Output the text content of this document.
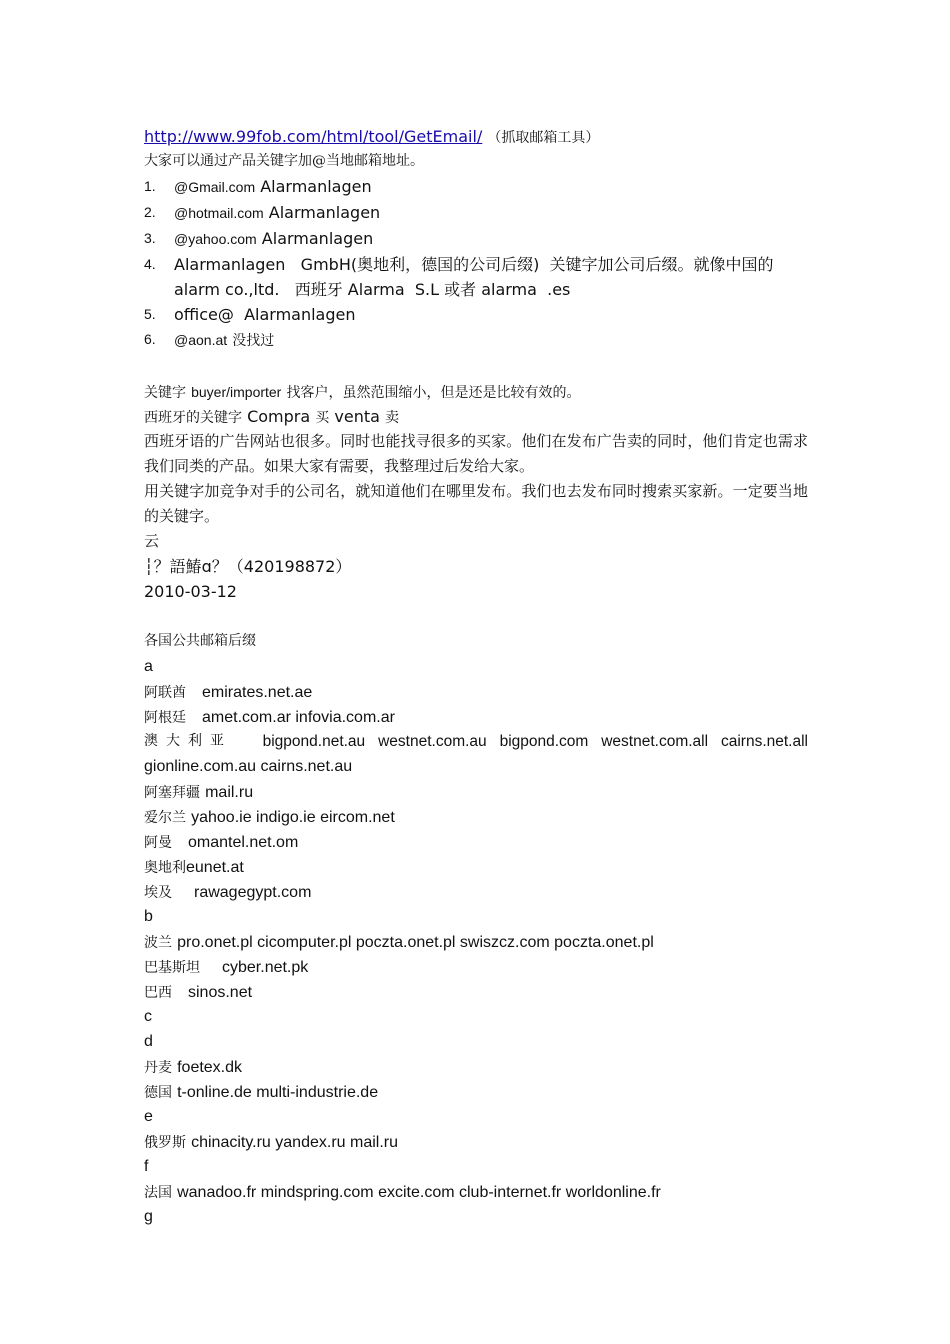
http://www.99fob.com/html/tool/GetEmail/ （抓取邮箱工具）
大家可以通过产品关键字加@当地邮箱地址。
1. @Gmail.com Alarmanlagen
2. @hotmail.com Alarmanlagen
3. @yahoo.com Alarmanlagen
4. Alarmanlagen   GmbH(奥地利，德国的公司后缀)  关键字加公司后缀。就像中国的
alarm co.,ltd.   西班牙 Alarma  S.L 或者 alarma  .es
5. office@  Alarmanlagen
6. @aon.at 没找过
关键字 buyer/importer 找客户，虽然范围缩小，但是还是比较有效的。
西班牙的关键字 Compra 买 venta 卖
西班牙语的广告网站也很多。同时也能找寻很多的买家。他们在发布广告卖的同时，他们肯定也需求我们同类的产品。如果大家有需要，我整理过后发给大家。
用关键字加竞争对手的公司名，就知道他们在哪里发布。我们也去发布同时搜索买家新。一定要当地的关键字。
云
┆？語鰆ɑ？（420198872）
2010-03-12
各国公共邮箱后缀
a
阿联酋 emirates.net.ae
阿根廷 amet.com.ar infovia.com.ar
澳大利亚 bigpond.net.au   westnet.com.au   bigpond.com   westnet.com.all   cairns.net.all
gionline.com.au cairns.net.au
阿塞拜疆 mail.ru
爱尔兰 yahoo.ie indigo.ie eircom.net
阿曼 omantel.net.om
奥地利eunet.at
埃及 rawagegypt.com
b
波兰 pro.onet.pl cicomputer.pl poczta.onet.pl swiszcz.com poczta.onet.pl
巴基斯坦 cyber.net.pk
巴西 sinos.net
c
d
丹麦 foetex.dk
德国 t-online.de multi-industrie.de
e
俄罗斯 chinacity.ru yandex.ru mail.ru
f
法国 wanadoo.fr mindspring.com excite.com club-internet.fr worldonline.fr
g
